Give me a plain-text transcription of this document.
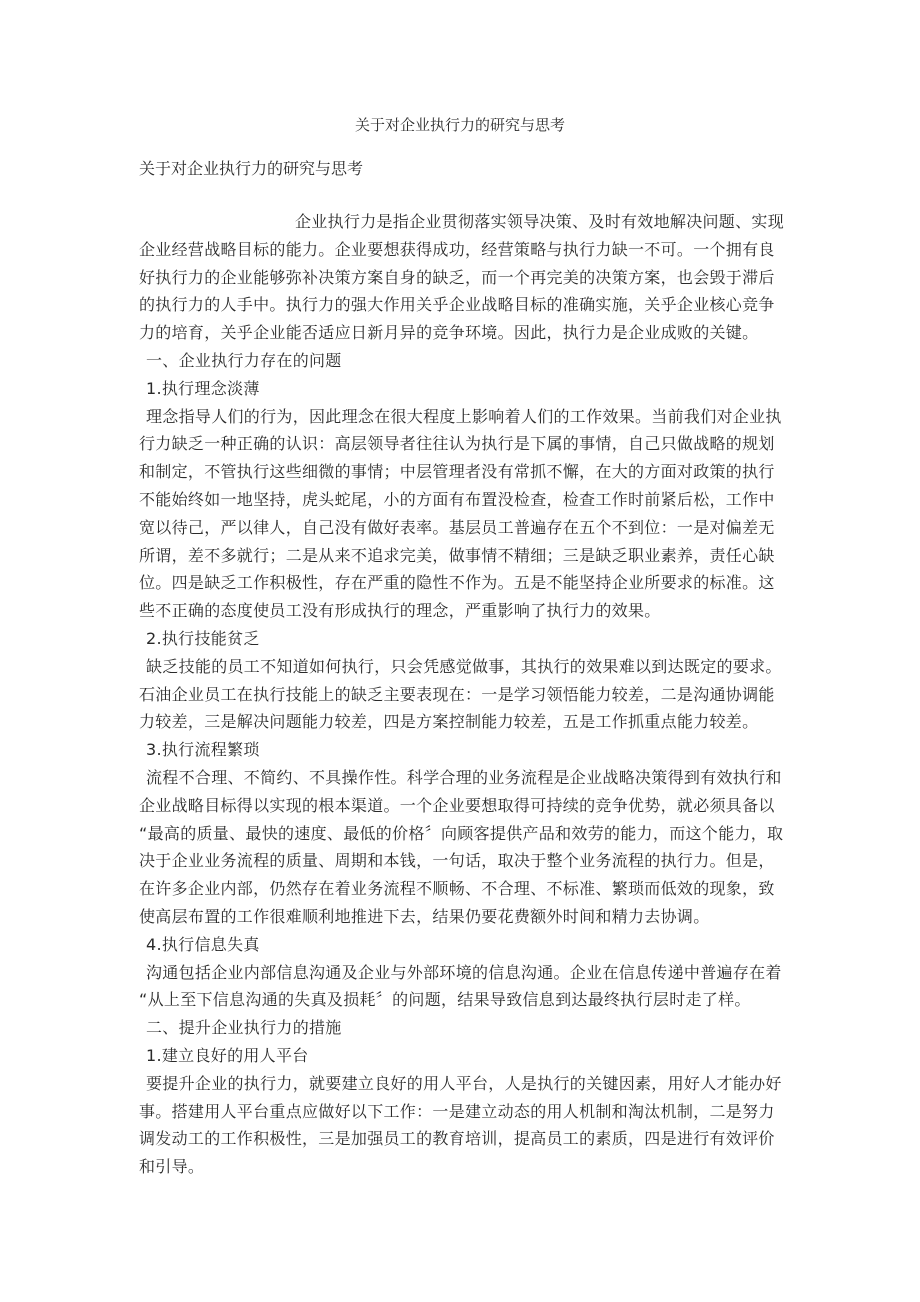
关于对企业执行力的研究与思考
关于对企业执行力的研究与思考
企业执行力是指企业贯彻落实领导决策、及时有效地解决问题、实现
企业经营战略目标的能力。企业要想获得成功，经营策略与执行力缺一不可。一个拥有良
好执行力的企业能够弥补决策方案自身的缺乏，而一个再完美的决策方案，也会毁于滞后
的执行力的人手中。执行力的强大作用关乎企业战略目标的准确实施，关乎企业核心竞争
力的培育，关乎企业能否适应日新月异的竞争环境。因此，执行力是企业成败的关键。
一、企业执行力存在的问题
1.执行理念淡薄
理念指导人们的行为，因此理念在很大程度上影响着人们的工作效果。当前我们对企业执
行力缺乏一种正确的认识：高层领导者往往认为执行是下属的事情，自己只做战略的规划
和制定，不管执行这些细微的事情；中层管理者没有常抓不懈，在大的方面对政策的执行
不能始终如一地坚持，虎头蛇尾，小的方面有布置没检查，检查工作时前紧后松，工作中
宽以待己，严以律人，自己没有做好表率。基层员工普遍存在五个不到位：一是对偏差无
所谓，差不多就行；二是从来不追求完美，做事情不精细；三是缺乏职业素养，责任心缺
位。四是缺乏工作积极性，存在严重的隐性不作为。五是不能坚持企业所要求的标准。这
些不正确的态度使员工没有形成执行的理念，严重影响了执行力的效果。
2.执行技能贫乏
缺乏技能的员工不知道如何执行，只会凭感觉做事，其执行的效果难以到达既定的要求。
石油企业员工在执行技能上的缺乏主要表现在：一是学习领悟能力较差，二是沟通协调能
力较差，三是解决问题能力较差，四是方案控制能力较差，五是工作抓重点能力较差。
3.执行流程繁琐
流程不合理、不简约、不具操作性。科学合理的业务流程是企业战略决策得到有效执行和
企业战略目标得以实现的根本渠道。一个企业要想取得可持续的竞争优势，就必须具备以
“最高的质量、最快的速度、最低的价格〞向顾客提供产品和效劳的能力，而这个能力，取
决于企业业务流程的质量、周期和本钱，一句话，取决于整个业务流程的执行力。但是，
在许多企业内部，仍然存在着业务流程不顺畅、不合理、不标准、繁琐而低效的现象，致
使高层布置的工作很难顺利地推进下去，结果仍要花费额外时间和精力去协调。
4.执行信息失真
沟通包括企业内部信息沟通及企业与外部环境的信息沟通。企业在信息传递中普遍存在着
“从上至下信息沟通的失真及损耗〞的问题，结果导致信息到达最终执行层时走了样。
二、提升企业执行力的措施
1.建立良好的用人平台
要提升企业的执行力，就要建立良好的用人平台，人是执行的关键因素，用好人才能办好
事。搭建用人平台重点应做好以下工作：一是建立动态的用人机制和淘汰机制，二是努力
调发动工的工作积极性，三是加强员工的教育培训，提高员工的素质，四是进行有效评价
和引导。
